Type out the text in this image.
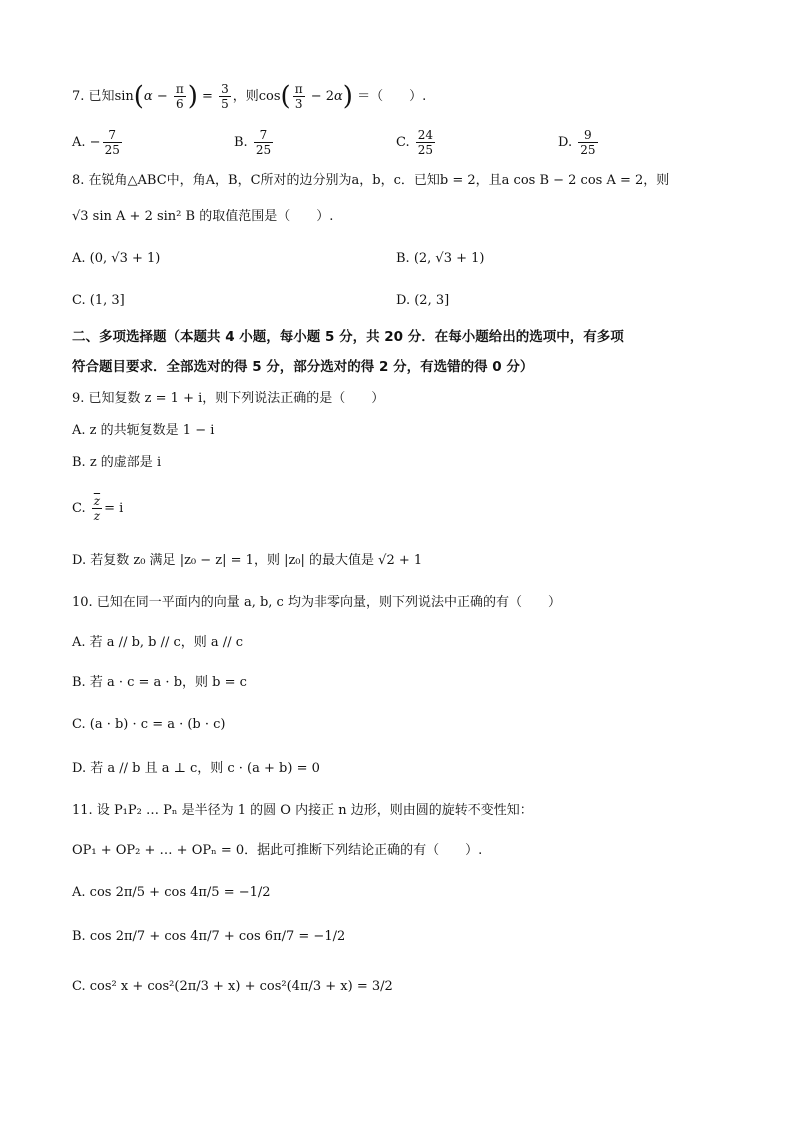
7. 已知$\sin(\alpha - \frac{\pi}{6}$ ) = $\frac{3}{5}$ ，则$\cos( \frac{\pi}{3} - 2\alpha)$ ＝（　　）.
A. − $\frac{7}{25}$	B. $\frac{7}{25}$	C. $\frac{24}{25}$	D. $\frac{9}{25}$
8. 在锐角△ABC中，角A，B，C所对的边分别为a，b，c．已知b = 2，且a cos B − 2 cos A = 2，则
√3 sin A + 2 sin² B 的取值范围是（　　）.
A. (0, √3 + 1)	B. (2, √3 + 1)
C. (1, 3]	D. (2, 3]
二、多项选择题（本题共 4 小题，每小题 5 分，共 20 分．在每小题给出的选项中，有多项
符合题目要求．全部选对的得 5 分，部分选对的得 2 分，有选错的得 0 分）
9. 已知复数 z = 1 + i，则下列说法正确的是（　　）
A. z 的共轭复数是 1 − i
B. z 的虚部是 i
C. $\frac{\overline{z}}{z} = i$
D. 若复数 z₀ 满足 |z₀ − z| = 1，则 |z₀| 的最大值是 √2 + 1
10. 已知在同一平面内的向量 a, b, c 均为非零向量，则下列说法中正确的有（　　）
A. 若 a // b, b // c，则 a // c
B. 若 a · c = a · b，则 b = c
C. (a · b) · c = a · (b · c)
D. 若 a // b 且 a ⊥ c，则 c · (a + b) = 0
11. 设 P₁P₂ … Pₙ 是半径为 1 的圆 O 内接正 n 边形，则由圆的旋转不变性知：
OP₁ + OP₂ + … + OPₙ = 0．据此可推断下列结论正确的有（　　）.
A. cos 2π/5 + cos 4π/5 = −1/2
B. cos 2π/7 + cos 4π/7 + cos 6π/7 = −1/2
C. cos² x + cos²(2π/3 + x) + cos²(4π/3 + x) = 3/2
